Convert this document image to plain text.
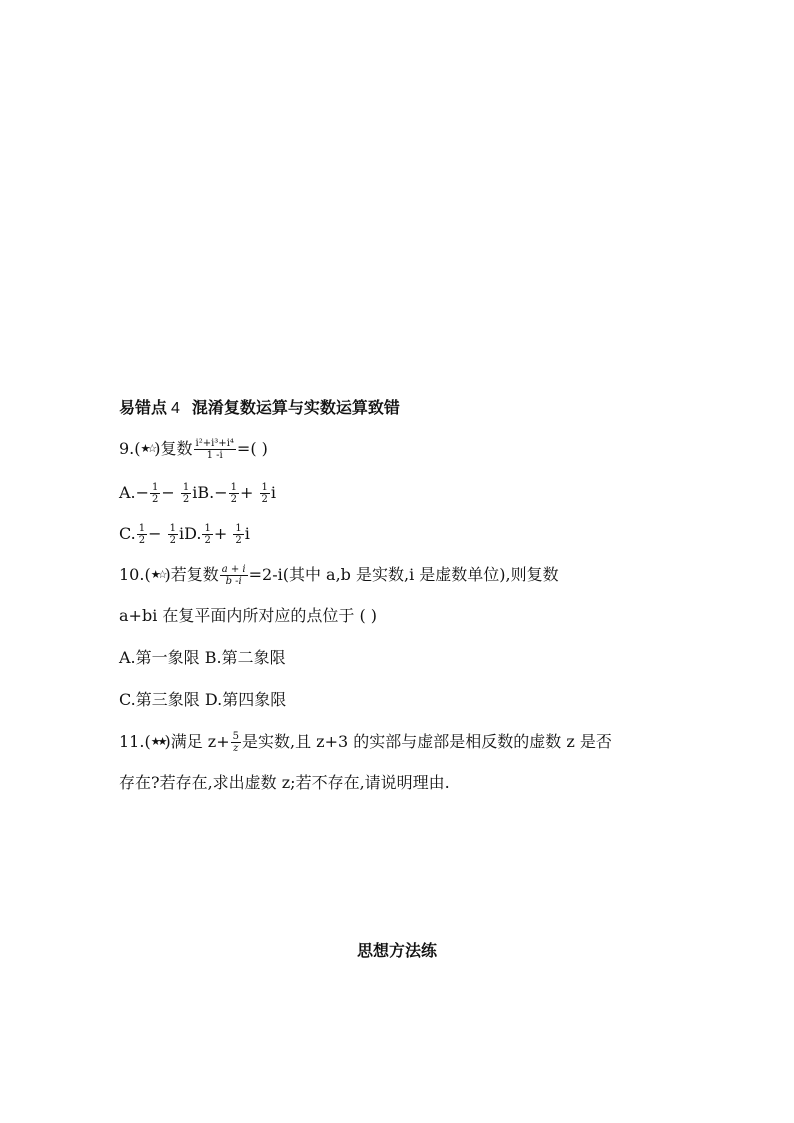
易错点 4 混淆复数运算与实数运算致错
9.(★☆)复数 $\frac{\text{i²+i³+i⁴}}{1 -i}$ =( )
$A.- \frac{1}{2} - \frac{1}{2} iB.- \frac{1}{2} + \frac{1}{2}$ i
C. $\frac{1}{2} - \frac{1}{2}$ iD. $\frac{1}{2} + \frac{1}{2}$ i
10.(★☆)若复数 $\frac{a + i}{b -i} =2-i$(其中 a,b 是实数,i 是虚数单位),则复数
a+bi 在复平面内所对应的点位于 ( )
A.第一象限 B.第二象限
C.第三象限 D.第四象限
11.(★★)满足 $z+ \frac{5}{z}$ 是实数,且 z+3 的实部与虚部是相反数的虚数 z 是否
存在?若存在,求出虚数 z;若不存在,请说明理由.
思想方法练
